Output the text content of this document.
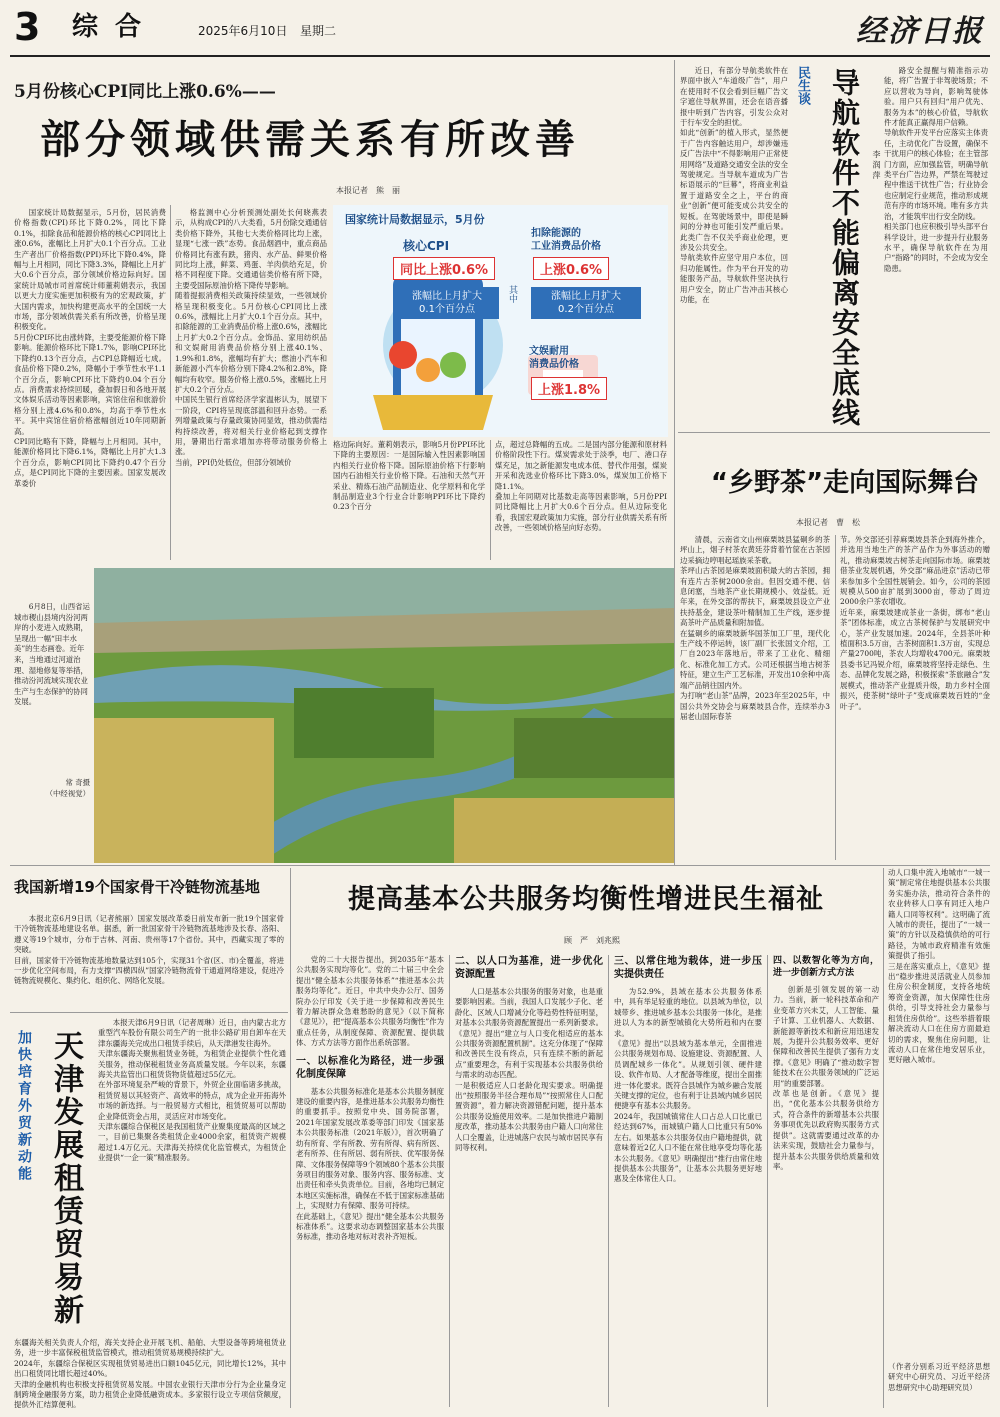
3 综 合	2025年6月10日 星期二	经济日报
5月份核心CPI同比上涨0.6%——
部分领域供需关系有所改善
本报记者　熊　丽
国家统计局数据显示，5月份，居民消费价格指数(CPI)环比下降0.2%，同比下降0.1%，扣除食品和能源价格的核心CPI同比上涨0.6%，涨幅比上月扩大0.1个百分点。工业生产者出厂价格指数(PPI)环比下降0.4%，降幅与上月相同，同比下降3.3%，降幅比上月扩大0.6个百分点，部分领域价格边际向好。国家统计局城市司首席统计师董莉娟表示，我国以更大力度实施更加积极有为的宏观政策，扩大国内需求，加快构建更高水平的全国统一大市场，部分领域供需关系有所改善，价格呈现积极变化。
5月份CPI环比由涨转降，主要受能源价格下降影响。能源价格环比下降1.7%，影响CPI环比下降约0.13个百分点，占CPI总降幅近七成。食品价格下降0.2%，降幅小于季节性水平1.1个百分点，影响CPI环比下降约0.04个百分点。消费需求持续回暖，叠加假日和各地开展文体娱乐活动等因素影响，宾馆住宿和旅游价格分别上涨4.6%和0.8%，均高于季节性水平。其中宾馆住宿价格涨幅创近10年同期新高。
CPI同比略有下降，降幅与上月相同。其中，能源价格同比下降6.1%，降幅比上月扩大1.3个百分点，影响CPI同比下降约0.47个百分点，是CPI同比下降的主要因素。国家发展改革委价
格监测中心分析预测处副处长何晓燕表示，从构成CPI的八大类看，5月份除交通通信类价格下降外，其他七大类价格同比均上涨，显现“七涨一跌”态势。食品烟酒中，重点商品价格同比有涨有跌，猪肉、水产品、鲜果价格同比均上涨，鲜菜、鸡蛋、羊肉供给充足，价格不同程度下降。交通通信类价格有所下降，主要受国际原油价格下降传导影响。
随着提振消费相关政策持续显效，一些领域价格呈现积极变化。5月份核心CPI同比上涨0.6%，涨幅比上月扩大0.1个百分点。其中，扣除能源的工业消费品价格上涨0.6%，涨幅比上月扩大0.2个百分点。金饰品、家用纺织品和文娱耐用消费品价格分别上涨40.1%、1.9%和1.8%，涨幅均有扩大；燃油小汽车和新能源小汽车价格分别下降4.2%和2.8%，降幅均有收窄。服务价格上涨0.5%，涨幅比上月扩大0.2个百分点。
中国民生银行首席经济学家温彬认为，展望下一阶段，CPI将呈现底部温和回升态势。一系列增量政策与存量政策协同显效，推动供需结构持续改善，将对相关行业价格起到支撑作用，暑期出行需求增加亦将带动服务价格上涨。
当前，PPI仍处低位，但部分领域价
国家统计局数据显示，5月份
核心CPI
同比上涨0.6%
涨幅比上月扩大
0.1个百分点
其中
扣除能源的
工业消费品价格
上涨0.6%
涨幅比上月扩大
0.2个百分点
文娱耐用
消费品价格
上涨1.8%
格边际向好。董莉娟表示，影响5月份PPI环比下降的主要原因：一是国际输入性因素影响国内相关行业价格下降。国际原油价格下行影响国内石油相关行业价格下降。石油和天然气开采业、精炼石油产品制造业、化学原料和化学制品制造业3个行业合计影响PPI环比下降约0.23个百分
点，超过总降幅的五成。二是国内部分能源和原材料价格阶段性下行。煤炭需求处于淡季，电厂、港口存煤充足，加之新能源发电成本低、替代作用强，煤炭开采和洗选业价格环比下降3.0%，煤炭加工价格下降1.1%。
叠加上年同期对比基数走高等因素影响，5月份PPI同比降幅比上月扩大0.6个百分点。但从边际变化看，我国宏观政策加力实施，部分行业供需关系有所改善，一些领域价格呈向好态势。
近日，有部分导航类软件在界面中嵌入“车道级广告”，用户在使用时不仅会看到巨幅广告文字遮住导航界面，还会在语音播报中听到广告内容，引发公众对于行车安全的担忧。
如此“创新”的植入形式，显然便于广告内容触达用户，却涉嫌违反广告法中“不得影响用户正常使用网络”及道路交通安全法的安全驾驶规定。当导航车道成为广告标语展示的“巨幕”，将商业利益置于道路安全之上，平台的商业“创新”便可能变成公共安全的短板。在驾驶场景中，即使是瞬间的分神也可能引发严重后果。此类广告不仅关乎商业伦理，更涉及公共安全。
导航类软件应坚守用户本位，回归功能属性。作为平台开发的功能服务产品，导航软件坚决执行用户安全，防止广告冲击其核心功能，在
民生谈 导航软件不能偏离安全底线	李 润 萍
路安全提醒与精准指示功能，将广告置于非驾驶场景；不应以营收为导向，影响驾驶体验。用户只有回归“用户优先、服务为本”的核心价值，导航软件才能真正赢得用户信赖。
导航软件开发平台应落实主体责任，主动优化广告设置，确保不干扰用户的核心体验；在主管部门方面，应加强监管，明确导航类平台广告边界，严禁在驾驶过程中推送干扰性广告；行业协会也应制定行业规范，推动形成规范有序的市场环境。唯有多方共治，才能筑牢出行安全防线。
相关部门也应积极引导头部平台科学设计，进一步提升行业服务水平，确保导航软件在为用户“指路”的同时，不会成为安全隐患。
“乡野茶”走向国际舞台
本报记者　曹　松
清晨，云南省文山州麻栗坡县猛硐乡的茶坪山上，烟子村茶农黄廷芬背着竹筐在古茶园边采摘边哼唱起瑶族采茶歌。
茶坪山古茶园是麻栗坡面积最大的古茶园，拥有连片古茶树2000余亩。但因交通不便、信息闭塞，当地茶产业长期规模小、效益低。近年来，在外交部的帮扶下，麻栗坡县设立产业扶持基金，建设茶叶精制加工生产线，逐步提高茶叶产品质量和附加值。
在猛硐乡的麻栗坡新华国茶加工厂里，现代化生产线不停运转，该厂副厂长张国文介绍，工厂自2023年落地后，带来了工业化、精细化、标准化加工方式。公司还根据当地古树茶特征，建立生产工艺标准，开发出10余种中高端产品销往国内外。
为打响“老山茶”品牌，2023年至2025年，中国公共外交协会与麻栗坡县合作，连续举办3届老山国际春茶
节。外交部还引荐麻栗坡县茶企到海外推介，并选用当地生产的茶产品作为外事活动的赠礼，推动麻栗坡古树茶走向国际市场。麻栗坡借茶业发展机遇，外交部“麻品进京”活动已带来参加多个全国性展销会。如今，公司的茶园规模从500亩扩展到3000亩，带动了周边2000余户茶农增收。
近年来，麻栗坡建成茶业一条街，绑布“老山茶”团体标准，成立古茶树保护与发展研究中心，茶产业发展加速。2024年，全县茶叶种植面积3.5万亩，古茶树面积1.3万亩，实现总产量2700吨，茶农人均增收4700元。麻栗坡县委书记冯锐介绍，麻栗坡将坚持走绿色、生态、品牌化发展之路，积极探索“茶旅融合”发展模式，推动茶产业提质升级，助力乡村全面振兴，使茶树“绿叶子”变成麻栗坡百姓的“金叶子”。
6月8日，山西省运城市稷山县境内汾河两岸的小麦进入成熟期，呈现出一幅“田丰水美”的生态画卷。近年来，当地通过河道治理、湿地修复等举措，推动汾河流域实现农业生产与生态保护的协同发展。
常 奇摄
（中经视觉）
我国新增19个国家骨干冷链物流基地
本报北京6月9日讯（记者熊丽）国家发展改革委日前发布新一批19个国家骨干冷链物流基地建设名单。据悉，新一批国家骨干冷链物流基地涉及长春、洛阳、遵义等19个城市，分布于吉林、河南、贵州等17个省份。其中，西藏实现了零的突破。
目前，国家骨干冷链物流基地数量达到105个，实现31个省(区、市)全覆盖，将进一步优化空间布局，有力支撑“四横四纵”国家冷链物流骨干通道网络建设，促进冷链物流规模化、集约化、组织化、网络化发展。
加快培育外贸新动能 天津发展租赁贸易新
本报天津6月9日讯（记者周琳）近日，由内蒙古北方重型汽车股份有限公司生产的一批非公路矿用自卸车在天津东疆海关完成出口租赁手续后，从天津港发往海外。
天津东疆海关聚焦租赁业务链，为租赁企业提供个性化通关服务，推动保税租赁业务高质量发展。今年以来，东疆海关共监管出口租赁货物货值超过55亿元。
在外部环境复杂严峻的背景下，外贸企业面临诸多挑战，租赁贸易以其轻资产、高效率的特点，成为企业开拓海外市场的新选择。与一般贸易方式相比，租赁贸易可以帮助企业降低资金占用，灵活应对市场变化。
天津东疆综合保税区是我国租赁产业聚集度最高的区域之一，目前已集聚各类租赁企业4000余家，租赁资产规模超过1.4万亿元。天津海关持续优化监管模式，为租赁企业提供“一企一策”精准服务。
东疆海关相关负责人介绍，海关支持企业开展飞机、船舶、大型设备等跨境租赁业务，进一步丰富保税租赁监管模式，推动租赁贸易规模持续扩大。
2024年，东疆综合保税区实现租赁贸易进出口额1045亿元，同比增长12%，其中出口租赁同比增长超过40%。
天津的金融机构也积极支持租赁贸易发展。中国农业银行天津市分行为企业量身定制跨境金融服务方案，助力租赁企业降低融资成本。多家银行设立专项信贷额度，提供外汇结算便利。

提高基本公共服务均衡性增进民生福祉
顾　严　刘兆熙
党的二十大报告提出，到2035年“基本公共服务实现均等化”。党的二十届三中全会提出“健全基本公共服务体系”“推进基本公共服务均等化”。近日，中共中央办公厅、国务院办公厅印发《关于进一步保障和改善民生 着力解决群众急难愁盼的意见》（以下简称《意见》），把“提高基本公共服务均衡性”作为重点任务，从制度保障、资源配置、提供载体、方式方法等方面作出系统部署。
一、以标准化为路径，进一步强化制度保障
基本公共服务标准化是基本公共服务制度建设的重要内容，是推进基本公共服务均衡性的重要抓手。按照党中央、国务院部署，2021年国家发展改革委等部门印发《国家基本公共服务标准（2021年版）》，首次明确了幼有所育、学有所教、劳有所得、病有所医、老有所养、住有所居、弱有所扶、优军服务保障、文体服务保障等9个领域80个基本公共服务项目的服务对象、服务内容、服务标准、支出责任和牵头负责单位。目前，各地均已制定本地区实施标准，确保在不低于国家标准基础上，实现财力有保障、服务可持续。
在此基础上，《意见》提出“健全基本公共服务标准体系”。这要求动态调整国家基本公共服务标准，推动各地对标对表补齐短板。
二、以人口为基准，进一步优化资源配置
人口是基本公共服务的服务对象，也是重要影响因素。当前，我国人口发展少子化、老龄化、区域人口增减分化等趋势性特征明显，对基本公共服务资源配置提出一系列新要求。《意见》提出“建立与人口变化相适应的基本公共服务资源配置机制”。这充分体现了“保障和改善民生没有终点，只有连续不断的新起点”重要理念，有利于实现基本公共服务供给与需求的动态匹配。
一是积极适应人口老龄化现实要求。明确提出“按照服务半径合理布局”“按照常住人口配置资源”，着力解决资源错配问题，提升基本公共服务设施使用效率。二是加快推进户籍制度改革，推动基本公共服务由户籍人口向常住人口全覆盖，让进城落户农民与城市居民享有同等权利。
三、以常住地为载体，进一步压实提供责任
为52.9%，县域在基本公共服务体系中，具有举足轻重的地位。以县域为单位，以城带乡、推进城乡基本公共服务一体化，是推进以人为本的新型城镇化大势所趋和内在要求。
《意见》提出“以县域为基本单元，全面推进公共服务规划布局、设施建设、资源配置、人员调配城乡一体化”。从规划引领、硬件建设、软件布局、人才配备等维度，提出全面推进一体化要求。既符合县城作为城乡融合发展关键支撑的定位，也有利于让县域内城乡居民便捷享有基本公共服务。
2024年，我国城镇常住人口占总人口比重已经达到67%，而城镇户籍人口比重只有50%左右。如果基本公共服务仅由户籍地提供，就意味着近2亿人口不能在常住地享受均等化基本公共服务。《意见》明确提出“推行由常住地提供基本公共服务”，让基本公共服务更好地惠及全体常住人口。
四、以数智化等为方向，进一步创新方式方法
创新是引领发展的第一动力。当前，新一轮科技革命和产业变革方兴未艾，人工智能、量子计算、工业机器人、大数据、新能源等新技术和新应用迅速发展，为提升公共服务效率、更好保障和改善民生提供了强有力支撑。《意见》明确了“推动数字智能技术在公共服务领域的广泛运用”的重要部署。
改革也是创新。《意见》提出，“优化基本公共服务供给方式，符合条件的新增基本公共服务事项优先以政府购买服务方式提供”。这就需要通过改革的办法来实现，鼓励社会力量参与，提升基本公共服务供给质量和效率。
动人口集中流入地城市“一城一策”制定常住地提供基本公共服务实施办法，推动符合条件的农业转移人口享有同迁入地户籍人口同等权利”。这明确了流入城市的责任，提出了“一城一策”的方针以及稳慎供给的可行路径，为城市政府精准有效施策提供了指引。
三是在落实重点上，《意见》提出“稳步推进灵活就业人员参加住房公积金制度，支持各地统筹资金资源，加大保障性住房供给，引导支持社会力量参与租赁住房供给”。这些举措着眼解决流动人口在住房方面最迫切的需求，聚焦住房问题，让流动人口在常住地安居乐业，更好融入城市。
（作者分别系习近平经济思想研究中心研究员、习近平经济思想研究中心助理研究员）
